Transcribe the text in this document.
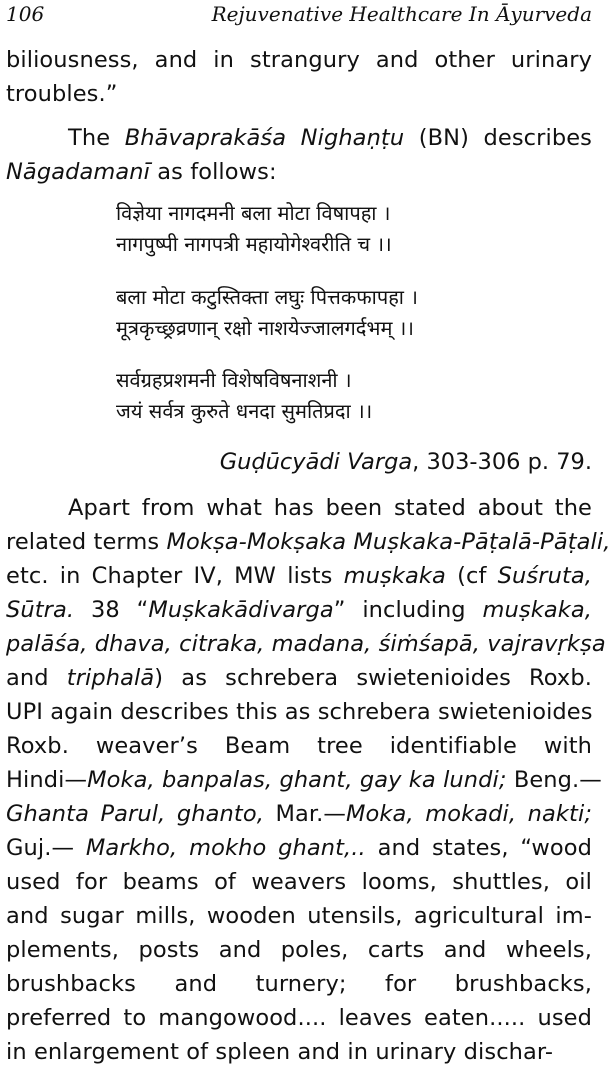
106	Rejuvenative Healthcare In Āyurveda
biliousness, and in strangury and other urinary
troubles.”
The Bhāvaprakāśa Nighaṇṭu (BN) describes
Nāgadamanī as follows:
विज्ञेया नागदमनी बला मोटा विषापहा ।
नागपुष्पी नागपत्री महायोगेश्वरीति च ।।
बला मोटा कटुस्तिक्ता लघुः पित्तकफापहा ।
मूत्रकृच्छ्रव्रणान् रक्षो नाशयेज्जालगर्दभम् ।।
सर्वग्रहप्रशमनी विशेषविषनाशनी ।
जयं सर्वत्र कुरुते धनदा सुमतिप्रदा ।।
Guḍūcyādi Varga, 303-306 p. 79.
Apart from what has been stated about the
related terms Mokṣa-Mokṣaka Muṣkaka-Pāṭalā-Pāṭali,
etc. in Chapter IV, MW lists muṣkaka (cf Suśruta,
Sūtra. 38 “Muṣkakādivarga” including muṣkaka,
palāśa, dhava, citraka, madana, śiṁśapā, vajravṛkṣa
and triphalā) as schrebera swietenioides Roxb.
UPI again describes this as schrebera swietenioides
Roxb. weaver’s Beam tree identifiable with
Hindi—Moka, banpalas, ghant, gay ka lundi; Beng.—
Ghanta Parul, ghanto, Mar.—Moka, mokadi, nakti;
Guj.— Markho, mokho ghant,.. and states, “wood
used for beams of weavers looms, shuttles, oil
and sugar mills, wooden utensils, agricultural im-
plements, posts and poles, carts and wheels,
brushbacks and turnery; for brushbacks,
preferred to mangowood.... leaves eaten..... used
in enlargement of spleen and in urinary dischar-
